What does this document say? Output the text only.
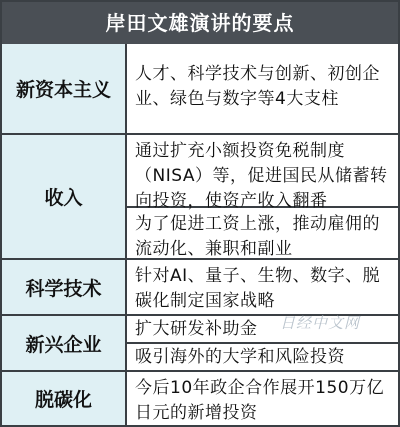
岸田文雄演讲的要点
新资本主义
人才、科学技术与创新、初创企
业、绿色与数字等4大支柱
收入
通过扩充小额投资免税制度
（NISA）等，促进国民从储蓄转
向投资，使资产收入翻番
为了促进工资上涨，推动雇佣的
流动化、兼职和副业
科学技术
针对AI、量子、生物、数字、脱
碳化制定国家战略
新兴企业
扩大研发补助金
吸引海外的大学和风险投资
脱碳化
今后10年政企合作展开150万亿
日元的新增投资
日经中文网
